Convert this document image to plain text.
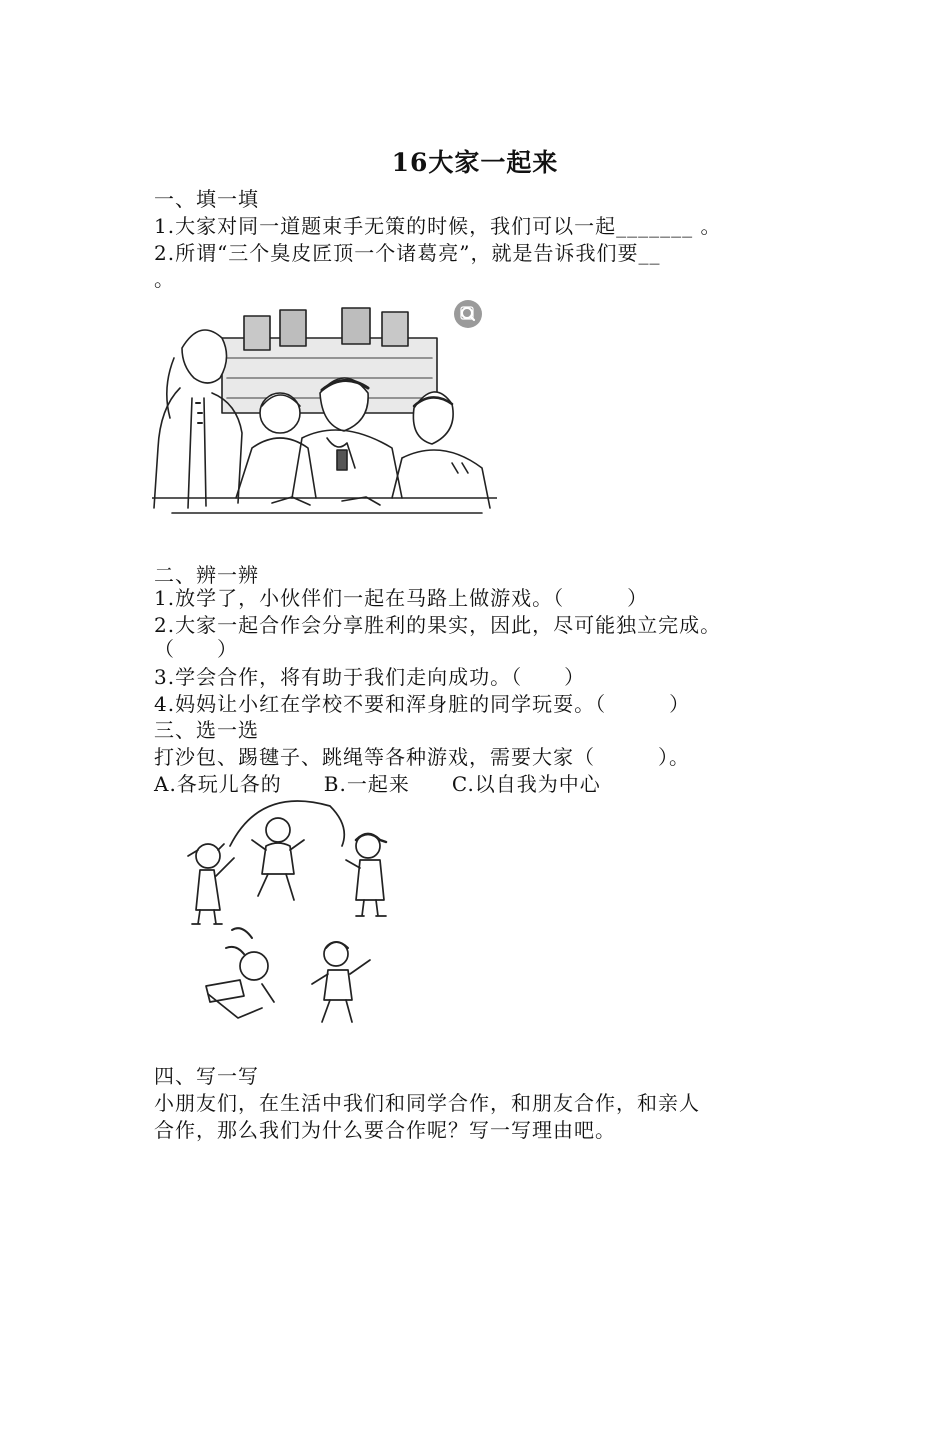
16大家一起来
一、填一填
1.大家对同一道题束手无策的时候，我们可以一起_______ 。
2.所谓“三个臭皮匠顶一个诸葛亮”，就是告诉我们要__
。
二、辨一辨
1.放学了，小伙伴们一起在马路上做游戏。（　　　）
2.大家一起合作会分享胜利的果实，因此，尽可能独立完成。
（　　）
3.学会合作，将有助于我们走向成功。（　　）
4.妈妈让小红在学校不要和浑身脏的同学玩耍。（　　　）
三、选一选
打沙包、踢毽子、跳绳等各种游戏，需要大家（　　　）。
A.各玩儿各的　　B.一起来　　C.以自我为中心
四、写一写
小朋友们，在生活中我们和同学合作，和朋友合作，和亲人
合作，那么我们为什么要合作呢？写一写理由吧。
